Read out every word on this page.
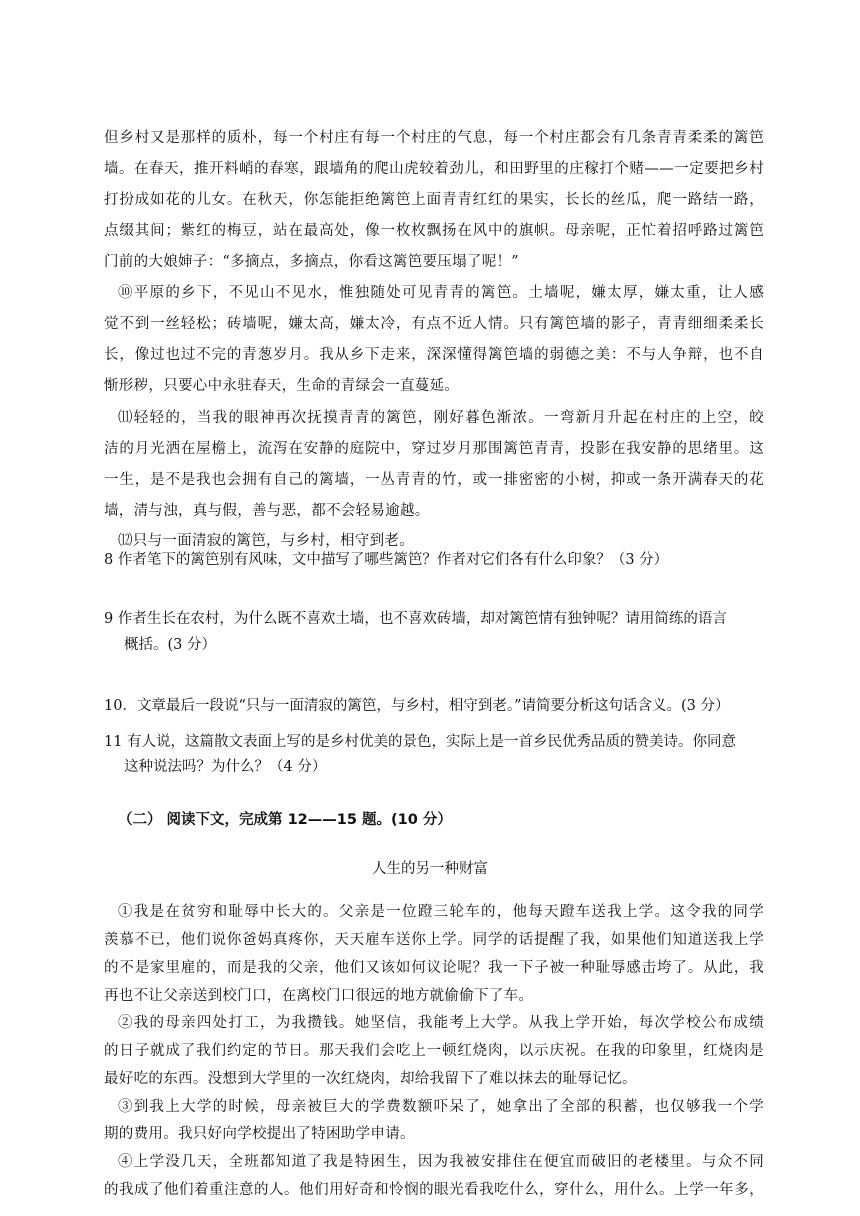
但乡村又是那样的质朴，每一个村庄有每一个村庄的气息，每一个村庄都会有几条青青柔柔的篱笆
墙。在春天，推开料峭的春寒，跟墙角的爬山虎较着劲儿，和田野里的庄稼打个赌——一定要把乡村
打扮成如花的儿女。在秋天，你怎能拒绝篱笆上面青青红红的果实，长长的丝瓜，爬一路结一路，
点缀其间；紫红的梅豆，站在最高处，像一枚枚飘扬在风中的旗帜。母亲呢，正忙着招呼路过篱笆
门前的大娘婶子：“多摘点，多摘点，你看这篱笆要压塌了呢！”
⑩平原的乡下，不见山不见水，惟独随处可见青青的篱笆。土墙呢，嫌太厚，嫌太重，让人感
觉不到一丝轻松；砖墙呢，嫌太高，嫌太冷，有点不近人情。只有篱笆墙的影子，青青细细柔柔长
长，像过也过不完的青葱岁月。我从乡下走来，深深懂得篱笆墙的弱德之美：不与人争辩，也不自
惭形秽，只要心中永驻春天，生命的青绿会一直蔓延。
⑾轻轻的，当我的眼神再次抚摸青青的篱笆，刚好暮色渐浓。一弯新月升起在村庄的上空，皎
洁的月光洒在屋檐上，流泻在安静的庭院中，穿过岁月那围篱笆青青，投影在我安静的思绪里。这
一生，是不是我也会拥有自己的篱墙，一丛青青的竹，或一排密密的小树，抑或一条开满春天的花
墙，清与浊，真与假，善与恶，都不会轻易逾越。
⑿只与一面清寂的篱笆，与乡村，相守到老。
8 作者笔下的篱笆别有风味，文中描写了哪些篱笆？作者对它们各有什么印象？（3 分）
9 作者生长在农村，为什么既不喜欢土墙，也不喜欢砖墙，却对篱笆情有独钟呢？请用简练的语言
概括。(3 分）
10．文章最后一段说“只与一面清寂的篱笆，与乡村，相守到老。”请简要分析这句话含义。(3 分）
11 有人说，这篇散文表面上写的是乡村优美的景色，实际上是一首乡民优秀品质的赞美诗。你同意
这种说法吗？为什么？（4 分）
（二） 阅读下文，完成第 12——15 题。(10 分）
人生的另一种财富
①我是在贫穷和耻辱中长大的。父亲是一位蹬三轮车的，他每天蹬车送我上学。这令我的同学
羡慕不已，他们说你爸妈真疼你，天天雇车送你上学。同学的话提醒了我，如果他们知道送我上学
的不是家里雇的，而是我的父亲，他们又该如何议论呢？我一下子被一种耻辱感击垮了。从此，我
再也不让父亲送到校门口，在离校门口很远的地方就偷偷下了车。
②我的母亲四处打工，为我攒钱。她坚信，我能考上大学。从我上学开始，每次学校公布成绩
的日子就成了我们约定的节日。那天我们会吃上一顿红烧肉，以示庆祝。在我的印象里，红烧肉是
最好吃的东西。没想到大学里的一次红烧肉，却给我留下了难以抹去的耻辱记忆。
③到我上大学的时候，母亲被巨大的学费数额吓呆了，她拿出了全部的积蓄，也仅够我一个学
期的费用。我只好向学校提出了特困助学申请。
④上学没几天，全班都知道了我是特困生，因为我被安排住在便宜而破旧的老楼里。与众不同
的我成了他们着重注意的人。他们用好奇和怜悯的眼光看我吃什么，穿什么，用什么。上学一年多，
